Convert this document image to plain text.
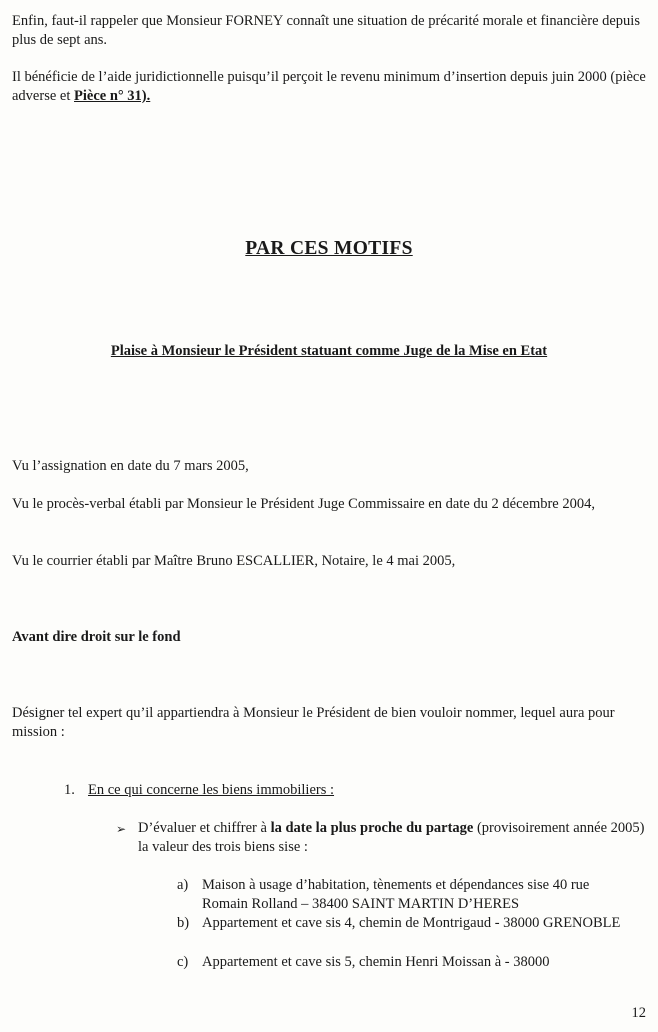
Enfin, faut-il rappeler que Monsieur FORNEY connaît une situation de précarité morale et financière depuis plus de sept ans.

Il bénéficie de l’aide juridictionnelle puisqu’il perçoit le revenu minimum d’insertion depuis juin 2000 (pièce adverse et Pièce n° 31).

PAR CES MOTIFS
Plaise à Monsieur le Président statuant comme Juge de la Mise en Etat

Vu l’assignation en date du 7 mars 2005,

Vu le procès-verbal établi par Monsieur le Président Juge Commissaire en date du 2 décembre 2004,

Vu le courrier établi par Maître Bruno ESCALLIER, Notaire, le 4 mai 2005,

Avant dire droit sur le fond

Désigner tel expert qu’il appartiendra à Monsieur le Président de bien vouloir nommer, lequel aura pour mission :

1. En ce qui concerne les biens immobiliers :
➢ D’évaluer et chiffrer à la date la plus proche du partage (provisoirement année 2005) la valeur des trois biens sise :

a) Maison à usage d’habitation, tènements et dépendances sise 40 rue Romain Rolland – 38400 SAINT MARTIN D’HERES

b) Appartement et cave sis 4, chemin de Montrigaud - 38000 GRENOBLE

c) Appartement et cave sis 5, chemin Henri Moissan à - 38000

12
